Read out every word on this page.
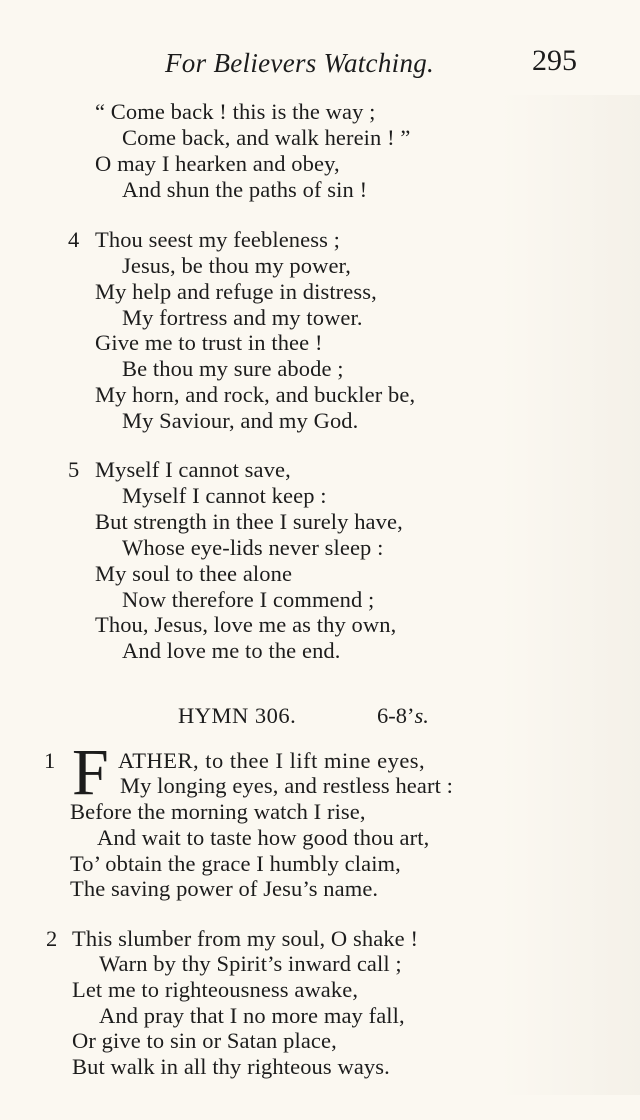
For Believers Watching.	295
“ Come back ! this is the way ;
Come back, and walk herein ! ”
O may I hearken and obey,
And shun the paths of sin !
4 Thou seest my feebleness ;
Jesus, be thou my power,
My help and refuge in distress,
My fortress and my tower.
Give me to trust in thee !
Be thou my sure abode ;
My horn, and rock, and buckler be,
My Saviour, and my God.
5 Myself I cannot save,
Myself I cannot keep :
But strength in thee I surely have,
Whose eye-lids never sleep :
My soul to thee alone
Now therefore I commend ;
Thou, Jesus, love me as thy own,
And love me to the end.
HYMN 306.	6-8’s.
1 F ATHER, to thee I lift mine eyes,
My longing eyes, and restless heart :
Before the morning watch I rise,
And wait to taste how good thou art,
To’ obtain the grace I humbly claim,
The saving power of Jesu’s name.
2 This slumber from my soul, O shake !
Warn by thy Spirit’s inward call ;
Let me to righteousness awake,
And pray that I no more may fall,
Or give to sin or Satan place,
But walk in all thy righteous ways.
